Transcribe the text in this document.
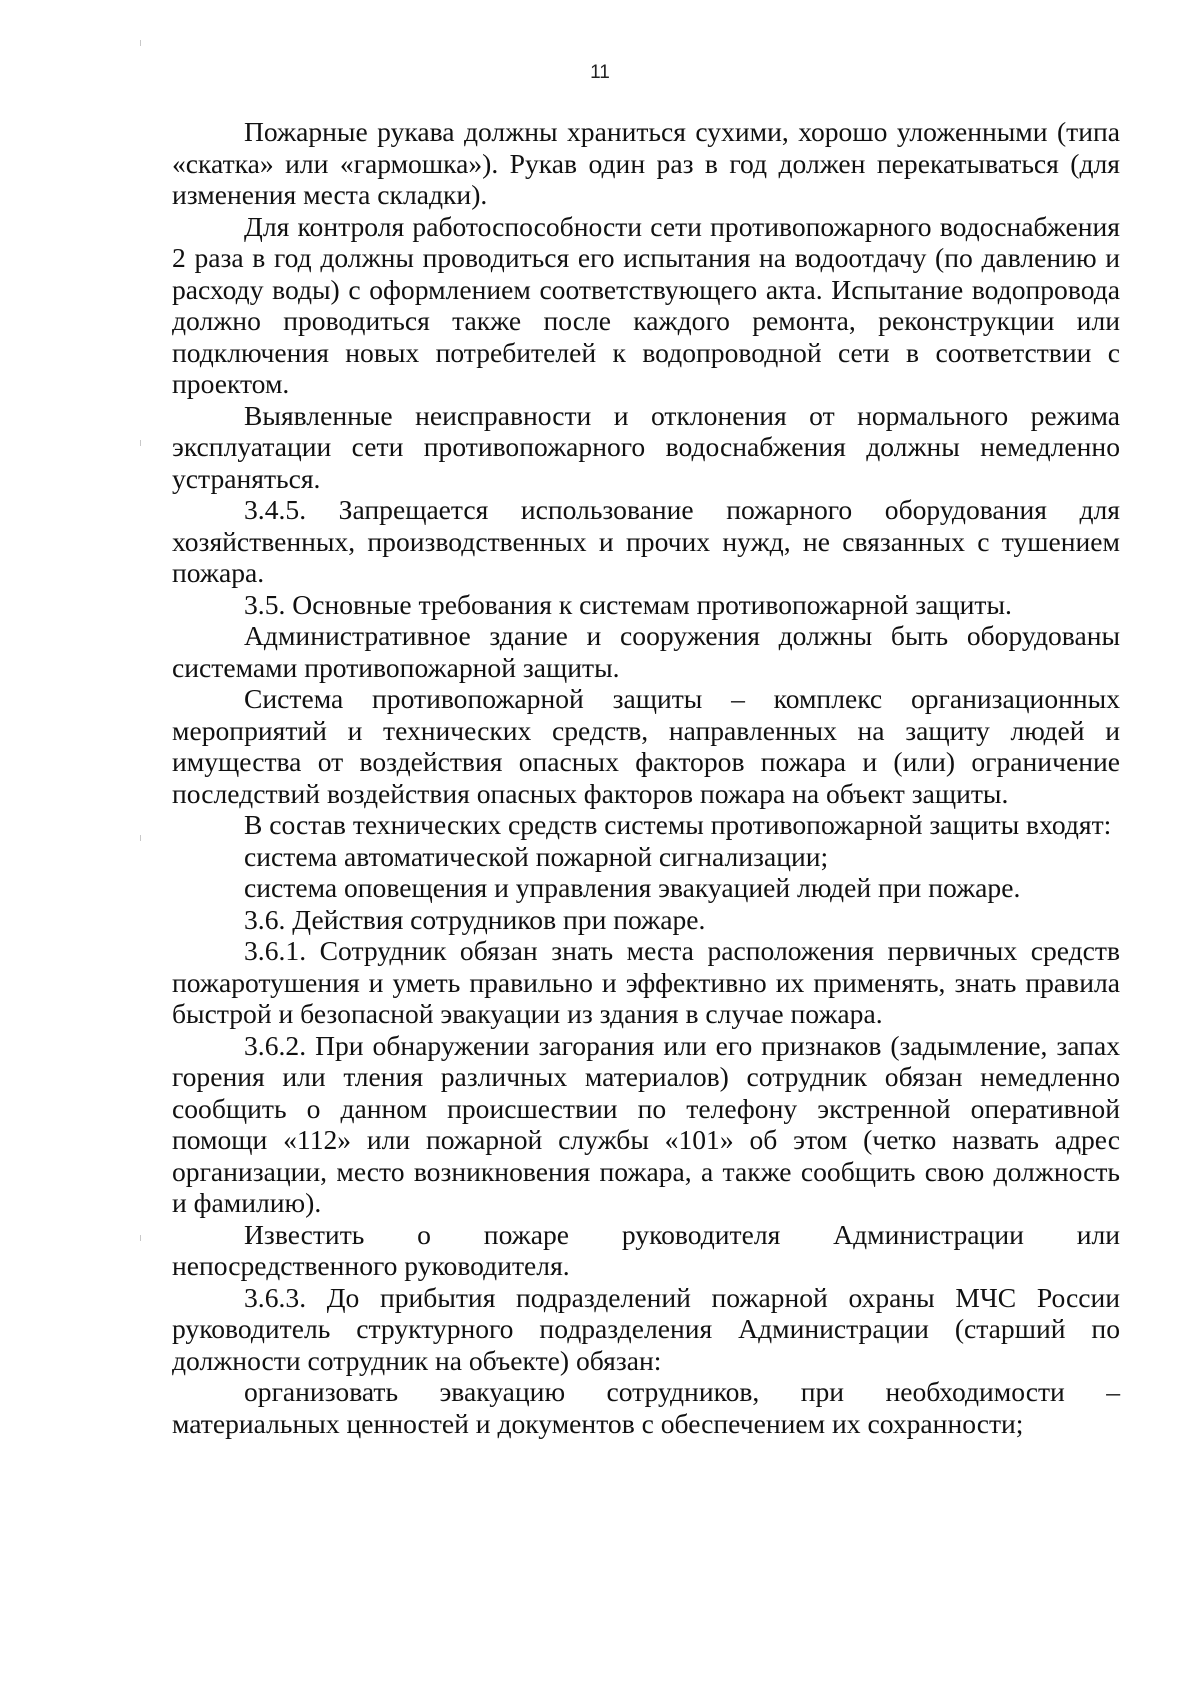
11

Пожарные рукава должны храниться сухими, хорошо уложенными (типа «скатка» или «гармошка»). Рукав один раз в год должен перекатываться (для изменения места складки).

Для контроля работоспособности сети противопожарного водоснабжения 2 раза в год должны проводиться его испытания на водоотдачу (по давлению и расходу воды) с оформлением соответствующего акта. Испытание водопровода должно проводиться также после каждого ремонта, реконструкции или подключения новых потребителей к водопроводной сети в соответствии с проектом.

Выявленные неисправности и отклонения от нормального режима эксплуатации сети противопожарного водоснабжения должны немедленно устраняться.

3.4.5. Запрещается использование пожарного оборудования для хозяйственных, производственных и прочих нужд, не связанных с тушением пожара.

3.5. Основные требования к системам противопожарной защиты.

Административное здание и сооружения должны быть оборудованы системами противопожарной защиты.

Система противопожарной защиты – комплекс организационных мероприятий и технических средств, направленных на защиту людей и имущества от воздействия опасных факторов пожара и (или) ограничение последствий воздействия опасных факторов пожара на объект защиты.

В состав технических средств системы противопожарной защиты входят:

система автоматической пожарной сигнализации;

система оповещения и управления эвакуацией людей при пожаре.

3.6. Действия сотрудников при пожаре.

3.6.1. Сотрудник обязан знать места расположения первичных средств пожаротушения и уметь правильно и эффективно их применять, знать правила быстрой и безопасной эвакуации из здания в случае пожара.

3.6.2. При обнаружении загорания или его признаков (задымление, запах горения или тления различных материалов) сотрудник обязан немедленно сообщить о данном происшествии по телефону экстренной оперативной помощи «112» или пожарной службы «101» об этом (четко назвать адрес организации, место возникновения пожара, а также сообщить свою должность и фамилию).

Известить о пожаре руководителя Администрации или непосредственного руководителя.

3.6.3. До прибытия подразделений пожарной охраны МЧС России руководитель структурного подразделения Администрации (старший по должности сотрудник на объекте) обязан:

организовать эвакуацию сотрудников, при необходимости – материальных ценностей и документов с обеспечением их сохранности;
